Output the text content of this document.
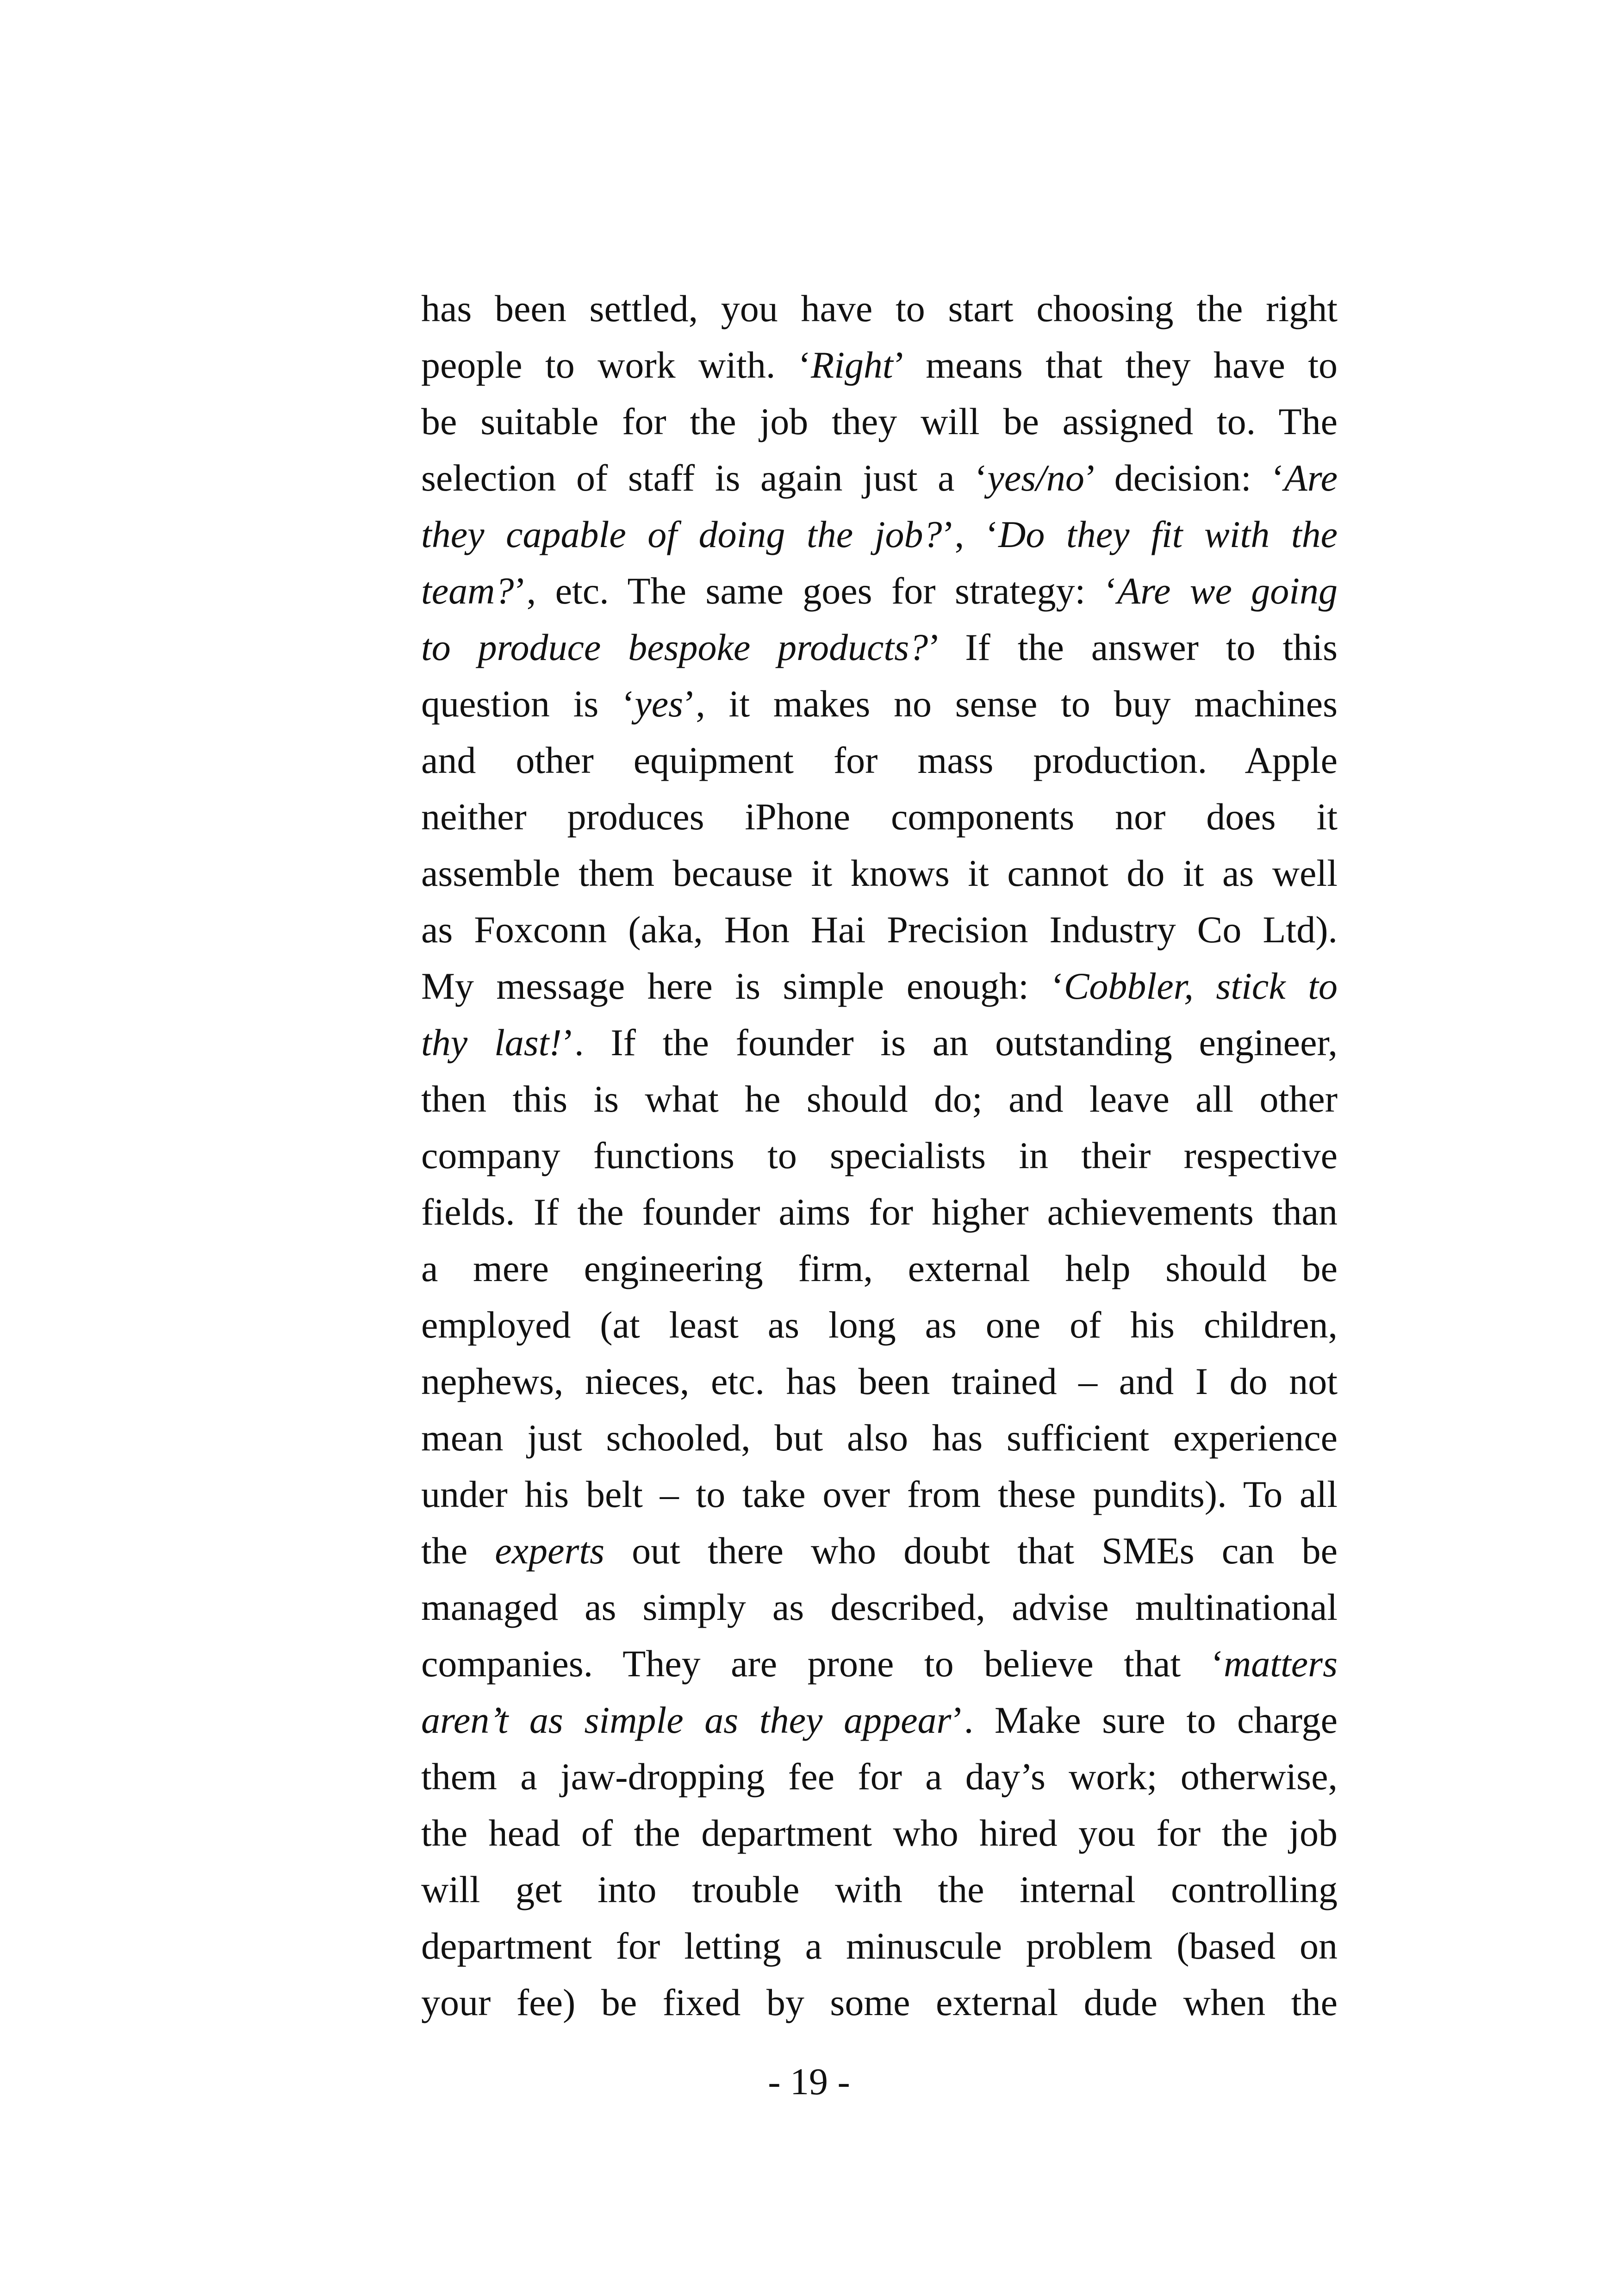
has been settled, you have to start choosing the right
people to work with. ‘Right’ means that they have to
be suitable for the job they will be assigned to. The
selection of staff is again just a ‘yes/no’ decision: ‘Are
they capable of doing the job?’, ‘Do they fit with the
team?’, etc. The same goes for strategy: ‘Are we going
to produce bespoke products?’ If the answer to this
question is ‘yes’, it makes no sense to buy machines
and other equipment for mass production. Apple
neither produces iPhone components nor does it
assemble them because it knows it cannot do it as well
as Foxconn (aka, Hon Hai Precision Industry Co Ltd).
My message here is simple enough: ‘Cobbler, stick to
thy last!’. If the founder is an outstanding engineer,
then this is what he should do; and leave all other
company functions to specialists in their respective
fields. If the founder aims for higher achievements than
a mere engineering firm, external help should be
employed (at least as long as one of his children,
nephews, nieces, etc. has been trained – and I do not
mean just schooled, but also has sufficient experience
under his belt – to take over from these pundits). To all
the experts out there who doubt that SMEs can be
managed as simply as described, advise multinational
companies. They are prone to believe that ‘matters
aren’t as simple as they appear’. Make sure to charge
them a jaw-dropping fee for a day’s work; otherwise,
the head of the department who hired you for the job
will get into trouble with the internal controlling
department for letting a minuscule problem (based on
your fee) be fixed by some external dude when the
- 19 -
